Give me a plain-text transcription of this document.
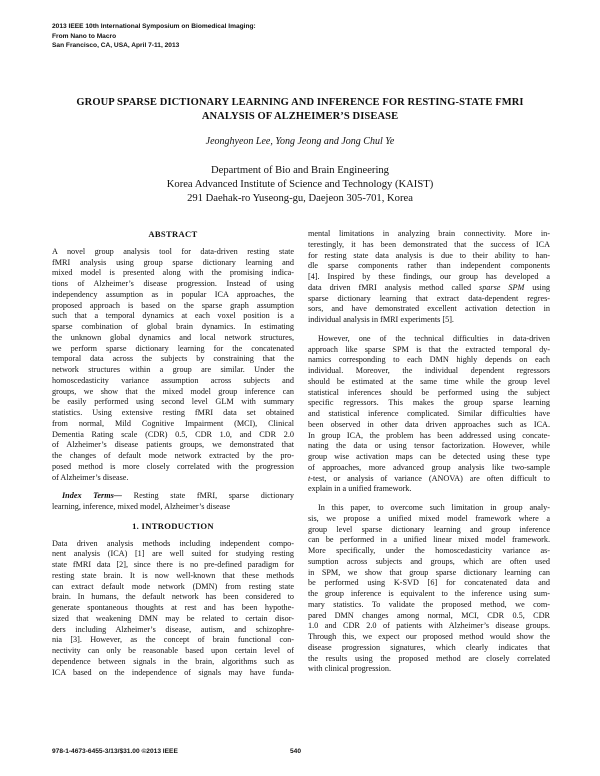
2013 IEEE 10th International Symposium on Biomedical Imaging:
From Nano to Macro
San Francisco, CA, USA, April 7-11, 2013
GROUP SPARSE DICTIONARY LEARNING AND INFERENCE FOR RESTING-STATE FMRI
ANALYSIS OF ALZHEIMER’S DISEASE
Jeonghyeon Lee, Yong Jeong and Jong Chul Ye
Department of Bio and Brain Engineering
Korea Advanced Institute of Science and Technology (KAIST)
291 Daehak-ro Yuseong-gu, Daejeon 305-701, Korea
ABSTRACT
A novel group analysis tool for data-driven resting state
fMRI analysis using group sparse dictionary learning and
mixed model is presented along with the promising indica-
tions of Alzheimer’s disease progression. Instead of using
independency assumption as in popular ICA approaches, the
proposed approach is based on the sparse graph assumption
such that a temporal dynamics at each voxel position is a
sparse combination of global brain dynamics. In estimating
the unknown global dynamics and local network structures,
we perform sparse dictionary learning for the concatenated
temporal data across the subjects by constraining that the
network structures within a group are similar. Under the
homoscedasticity variance assumption across subjects and
groups, we show that the mixed model group inference can
be easily performed using second level GLM with summary
statistics. Using extensive resting fMRI data set obtained
from normal, Mild Cognitive Impairment (MCI), Clinical
Dementia Rating scale (CDR) 0.5, CDR 1.0, and CDR 2.0
of Alzheimer’s disease patients groups, we demonstrated that
the changes of default mode network extracted by the pro-
posed method is more closely correlated with the progression
of Alzheimer’s disease.
Index Terms— Resting state fMRI, sparse dictionary
learning, inference, mixed model, Alzheimer’s disease
1. INTRODUCTION
Data driven analysis methods including independent compo-
nent analysis (ICA) [1] are well suited for studying resting
state fMRI data [2], since there is no pre-defined paradigm for
resting state brain. It is now well-known that these methods
can extract default mode network (DMN) from resting state
brain. In humans, the default network has been considered to
generate spontaneous thoughts at rest and has been hypothe-
sized that weakening DMN may be related to certain disor-
ders including Alzheimer’s disease, autism, and schizophre-
nia [3]. However, as the concept of brain functional con-
nectivity can only be reasonable based upon certain level of
dependence between signals in the brain, algorithms such as
ICA based on the independence of signals may have funda-
mental limitations in analyzing brain connectivity. More in-
terestingly, it has been demonstrated that the success of ICA
for resting state data analysis is due to their ability to han-
dle sparse components rather than independent components
[4]. Inspired by these findings, our group has developed a
data driven fMRI analysis method called sparse SPM using
sparse dictionary learning that extract data-dependent regres-
sors, and have demonstrated excellent activation detection in
individual analysis in fMRI experiments [5].
However, one of the technical difficulties in data-driven
approach like sparse SPM is that the extracted temporal dy-
namics corresponding to each DMN highly depends on each
individual. Moreover, the individual dependent regressors
should be estimated at the same time while the group level
statistical inferences should be performed using the subject
specific regressors. This makes the group sparse learning
and statistical inference complicated. Similar difficulties have
been observed in other data driven approaches such as ICA.
In group ICA, the problem has been addressed using concate-
nating the data or using tensor factorization. However, while
group wise activation maps can be detected using these type
of approaches, more advanced group analysis like two-sample
t-test, or analysis of variance (ANOVA) are often difficult to
explain in a unified framework.
In this paper, to overcome such limitation in group analy-
sis, we propose a unified mixed model framework where a
group level sparse dictionary learning and group inference
can be performed in a unified linear mixed model framework.
More specifically, under the homoscedasticity variance as-
sumption across subjects and groups, which are often used
in SPM, we show that group sparse dictionary learning can
be performed using K-SVD [6] for concatenated data and
the group inference is equivalent to the inference using sum-
mary statistics. To validate the proposed method, we com-
pared DMN changes among normal, MCI, CDR 0.5, CDR
1.0 and CDR 2.0 of patients with Alzheimer’s disease groups.
Through this, we expect our proposed method would show the
disease progression signatures, which clearly indicates that
the results using the proposed method are closely correlated
with clinical progression.
978-1-4673-6455-3/13/$31.00 ©2013 IEEE	540
